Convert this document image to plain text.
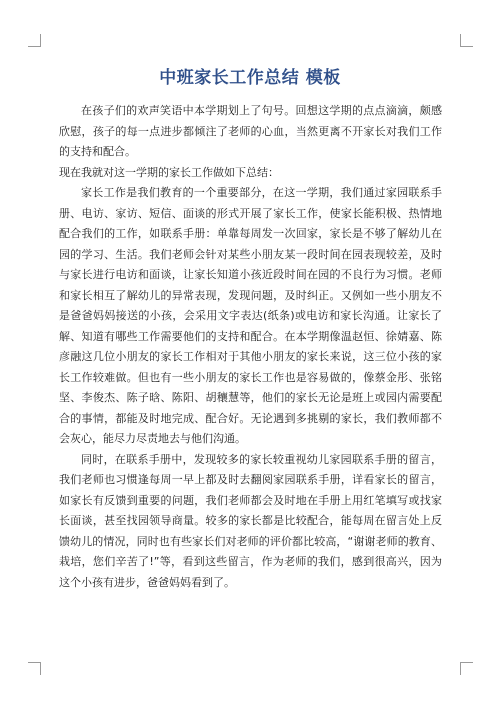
中班家长工作总结 模板

在孩子们的欢声笑语中本学期划上了句号。回想这学期的点点滴滴，颇感欣慰，孩子的每一点进步都倾注了老师的心血，当然更离不开家长对我们工作的支持和配合。

现在我就对这一学期的家长工作做如下总结：

家长工作是我们教育的一个重要部分，在这一学期，我们通过家园联系手册、电访、家访、短信、面谈的形式开展了家长工作，使家长能积极、热情地配合我们的工作，如联系手册：单靠每周发一次回家，家长是不够了解幼儿在园的学习、生活。我们老师会针对某些小朋友某一段时间在园表现较差，及时与家长进行电访和面谈，让家长知道小孩近段时间在园的不良行为习惯。老师和家长相互了解幼儿的异常表现，发现问题，及时纠正。又例如一些小朋友不是爸爸妈妈接送的小孩，会采用文字表达(纸条)或电访和家长沟通。让家长了解、知道有哪些工作需要他们的支持和配合。在本学期像温赵恒、徐婧嘉、陈彦融这几位小朋友的家长工作相对于其他小朋友的家长来说，这三位小孩的家长工作较难做。但也有一些小朋友的家长工作也是容易做的，像蔡金彤、张铭坚、李俊杰、陈子晗、陈阳、胡穰慧等，他们的家长无论是班上或园内需要配合的事情，都能及时地完成、配合好。无论遇到多挑剔的家长，我们教师都不会灰心，能尽力尽责地去与他们沟通。

同时，在联系手册中，发现较多的家长较重视幼儿家园联系手册的留言，我们老师也习惯逢每周一早上都及时去翻阅家园联系手册，详看家长的留言，如家长有反馈到重要的问题，我们老师都会及时地在手册上用红笔填写或找家长面谈，甚至找园领导商量。较多的家长都是比较配合，能每周在留言处上反馈幼儿的情况，同时也有些家长们对老师的评价都比较高，“谢谢老师的教育、栽培，您们辛苦了!”等，看到这些留言，作为老师的我们，感到很高兴，因为这个小孩有进步，爸爸妈妈看到了。
